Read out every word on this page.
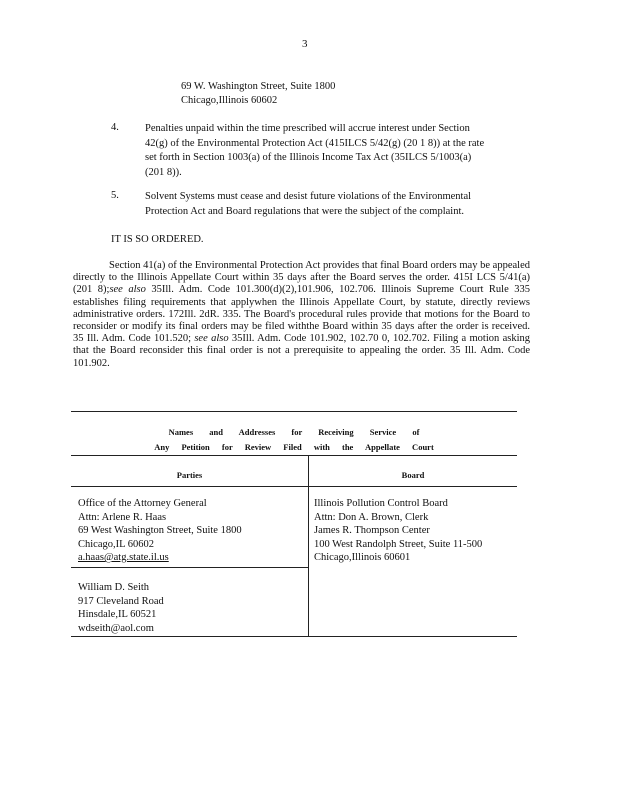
3
69 W. Washington Street, Suite 1800
Chicago,Illinois 60602
4. Penalties unpaid within the time prescribed will accrue interest under Section
42(g) of the Environmental Protection Act (415ILCS 5/42(g) (20 1 8)) at the rate
set forth in Section 1003(a) of the Illinois Income Tax Act (35ILCS 5/1003(a)
(201 8)).
5. Solvent Systems must cease and desist future violations of the Environmental
Protection Act and Board regulations that were the subject of the complaint.
IT IS SO ORDERED.
Section 41(a) of the Environmental Protection Act provides that final Board orders may be appealed directly to the Illinois Appellate Court within 35 days after the Board serves the order. 415I LCS 5/41(a) (201 8);see also 35Ill. Adm. Code 101.300(d)(2),101.906, 102.706. Illinois Supreme Court Rule 335 establishes filing requirements that applywhen the Illinois Appellate Court, by statute, directly reviews administrative orders. 172Ill. 2dR. 335. The Board's procedural rules provide that motions for the Board to reconsider or modify its final orders may be filed withthe Board within 35 days after the order is received. 35 Ill. Adm. Code 101.520; see also 35Ill. Adm. Code 101.902, 102.70 0, 102.702. Filing a motion asking that the Board reconsider this final order is not a prerequisite to appealing the order. 35 Ill. Adm. Code 101.902.
Names and Addresses for Receiving Service of
Any Petition for Review Filed with the Appellate Court
Parties	Board
Office of the Attorney General
Attn: Arlene R. Haas
69 West Washington Street, Suite 1800
Chicago,IL 60602
a.haas@atg.state.il.us
Illinois Pollution Control Board
Attn: Don A. Brown, Clerk
James R. Thompson Center
100 West Randolph Street, Suite 11-500
Chicago,Illinois 60601
William D. Seith
917 Cleveland Road
Hinsdale,IL 60521
wdseith@aol.com
